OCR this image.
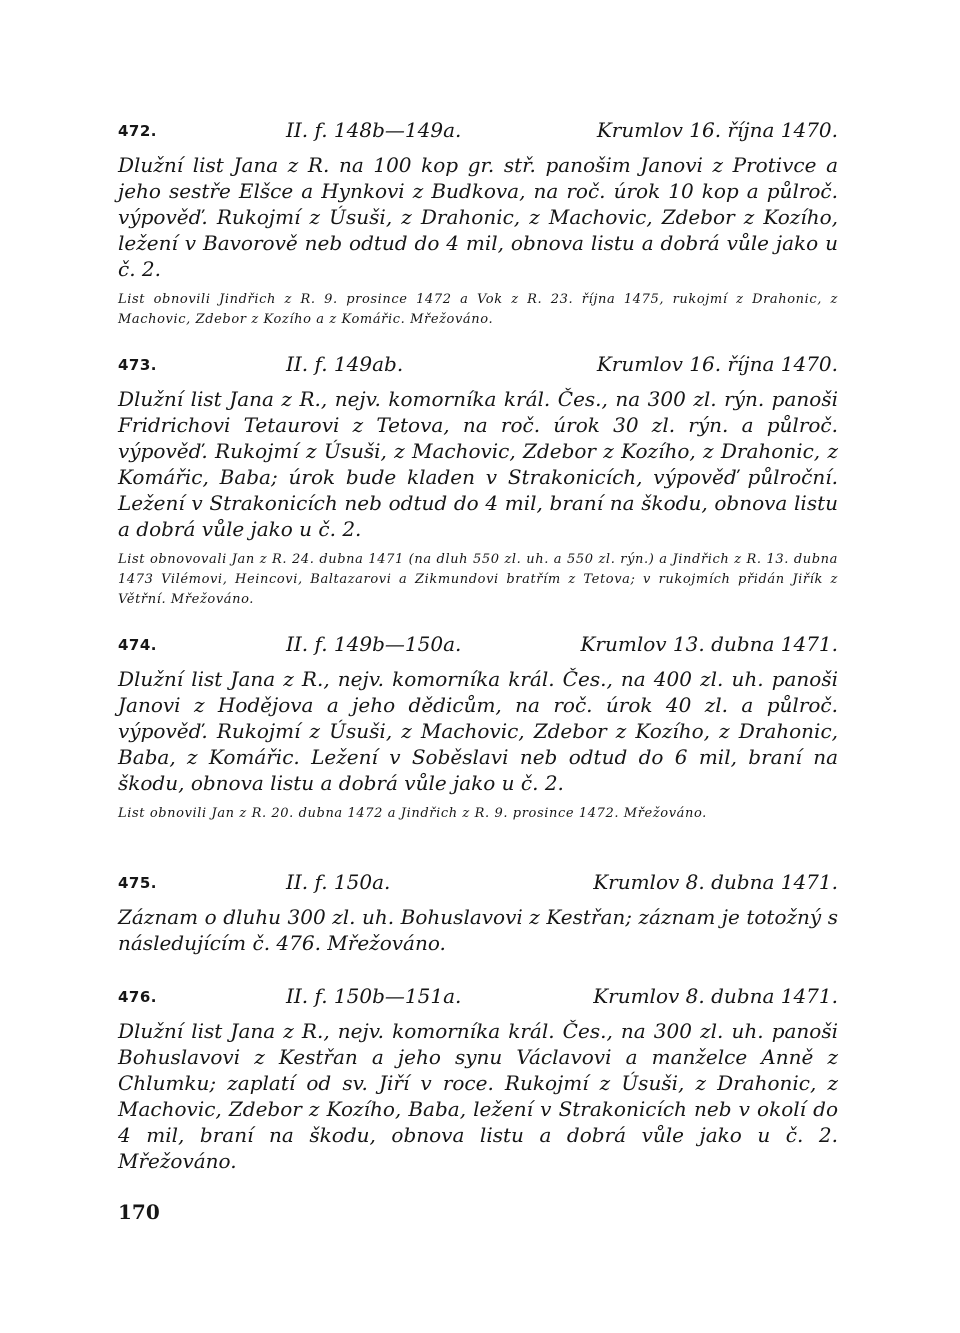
472.	II. f. 148b—149a.	Krumlov 16. října 1470.
Dlužní list Jana z R. na 100 kop gr. stř. panošim Janovi z Protivce a jeho sestře Elšce a Hynkovi z Budkova, na roč. úrok 10 kop a půlroč. výpověď. Rukojmí z Úsuši, z Drahonic, z Machovic, Zdebor z Kozího, ležení v Bavorově neb odtud do 4 mil, obnova listu a dobrá vůle jako u č. 2.
List obnovili Jindřich z R. 9. prosince 1472 a Vok z R. 23. října 1475, rukojmí z Drahonic, z Machovic, Zdebor z Kozího a z Komářic. Mřežováno.
473.	II. f. 149ab.	Krumlov 16. října 1470.
Dlužní list Jana z R., nejv. komorníka král. Čes., na 300 zl. rýn. panoši Fridrichovi Tetaurovi z Tetova, na roč. úrok 30 zl. rýn. a půlroč. výpověď. Rukojmí z Úsuši, z Machovic, Zdebor z Kozího, z Drahonic, z Komářic, Baba; úrok bude kladen v Strakonicích, výpověď půlroční. Ležení v Strakonicích neb odtud do 4 mil, braní na škodu, obnova listu a dobrá vůle jako u č. 2.
List obnovovali Jan z R. 24. dubna 1471 (na dluh 550 zl. uh. a 550 zl. rýn.) a Jindřich z R. 13. dubna 1473 Vilémovi, Heincovi, Baltazarovi a Zikmundovi bratřím z Tetova; v rukojmích přidán Jiřík z Větřní. Mřežováno.
474.	II. f. 149b—150a.	Krumlov 13. dubna 1471.
Dlužní list Jana z R., nejv. komorníka král. Čes., na 400 zl. uh. panoši Janovi z Hodějova a jeho dědicům, na roč. úrok 40 zl. a půlroč. výpověď. Rukojmí z Úsuši, z Machovic, Zdebor z Kozího, z Drahonic, Baba, z Komářic. Ležení v Soběslavi neb odtud do 6 mil, braní na škodu, obnova listu a dobrá vůle jako u č. 2.
List obnovili Jan z R. 20. dubna 1472 a Jindřich z R. 9. prosince 1472. Mřežováno.
475.	II. f. 150a.	Krumlov 8. dubna 1471.
Záznam o dluhu 300 zl. uh. Bohuslavovi z Kestřan; záznam je totožný s následujícím č. 476. Mřežováno.
476.	II. f. 150b—151a.	Krumlov 8. dubna 1471.
Dlužní list Jana z R., nejv. komorníka král. Čes., na 300 zl. uh. panoši Bohuslavovi z Kestřan a jeho synu Václavovi a manželce Anně z Chlumku; zaplatí od sv. Jiří v roce. Rukojmí z Úsuši, z Drahonic, z Machovic, Zdebor z Kozího, Baba, ležení v Strakonicích neb v okolí do 4 mil, braní na škodu, obnova listu a dobrá vůle jako u č. 2. Mřežováno.
170
